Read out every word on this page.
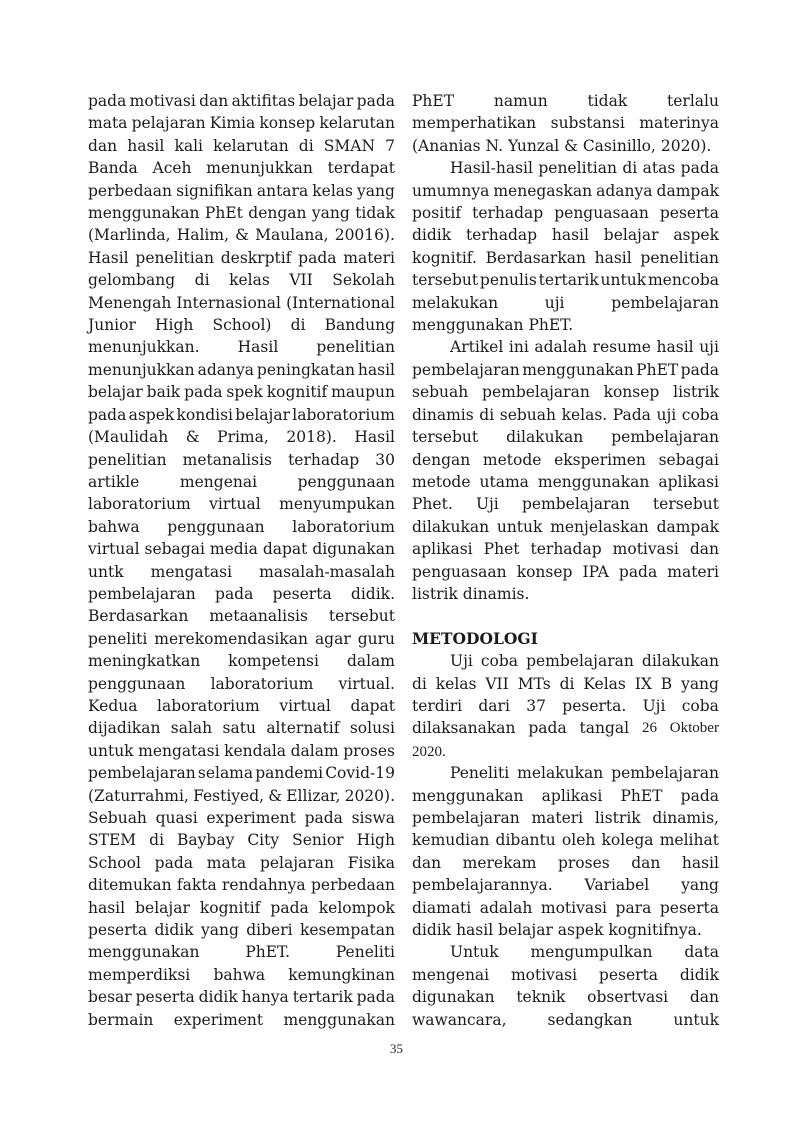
pada motivasi dan aktifitas belajar pada
mata pelajaran Kimia konsep kelarutan
dan hasil kali kelarutan di SMAN 7
Banda Aceh menunjukkan terdapat
perbedaan signifikan antara kelas yang
menggunakan PhEt dengan yang tidak
(Marlinda, Halim, & Maulana, 20016).
Hasil penelitian deskrptif pada materi
gelombang di kelas VII Sekolah
Menengah Internasional (International
Junior High School) di Bandung
menunjukkan. Hasil penelitian
menunjukkan adanya peningkatan hasil
belajar baik pada spek kognitif maupun
pada aspek kondisi belajar laboratorium
(Maulidah & Prima, 2018). Hasil
penelitian metanalisis terhadap 30
artikle	mengenai	penggunaan
laboratorium virtual menyumpukan
bahwa penggunaan laboratorium
virtual sebagai media dapat digunakan
untk mengatasi masalah-masalah
pembelajaran pada peserta didik.
Berdasarkan metaanalisis tersebut
peneliti merekomendasikan agar guru
meningkatkan kompetensi dalam
penggunaan laboratorium virtual.
Kedua laboratorium virtual dapat
dijadikan salah satu alternatif solusi
untuk mengatasi kendala dalam proses
pembelajaran selama pandemi Covid-19
(Zaturrahmi, Festiyed, & Ellizar, 2020).
Sebuah quasi experiment pada siswa
STEM di Baybay City Senior High
School pada mata pelajaran Fisika
ditemukan fakta rendahnya perbedaan
hasil belajar kognitif pada kelompok
peserta didik yang diberi kesempatan
menggunakan	PhET.	Peneliti
memperdiksi bahwa kemungkinan
besar peserta didik hanya tertarik pada
bermain experiment menggunakan
PhET	namun	tidak	terlalu
memperhatikan substansi materinya
(Ananias N. Yunzal & Casinillo, 2020).
Hasil-hasil penelitian di atas pada
umumnya menegaskan adanya dampak
positif terhadap penguasaan peserta
didik terhadap hasil belajar aspek
kognitif. Berdasarkan hasil penelitian
tersebut penulis tertarik untuk mencoba
melakukan	uji	pembelajaran
menggunakan PhET.
Artikel ini adalah resume hasil uji
pembelajaran menggunakan PhET pada
sebuah pembelajaran konsep listrik
dinamis di sebuah kelas. Pada uji coba
tersebut dilakukan pembelajaran
dengan metode eksperimen sebagai
metode utama menggunakan aplikasi
Phet. Uji pembelajaran tersebut
dilakukan untuk menjelaskan dampak
aplikasi Phet terhadap motivasi dan
penguasaan konsep IPA pada materi
listrik dinamis.
METODOLOGI
Uji coba pembelajaran dilakukan
di kelas VII MTs di Kelas IX B yang
terdiri dari 37 peserta. Uji coba
dilaksanakan pada tangal 26 Oktober
2020.
Peneliti melakukan pembelajaran
menggunakan aplikasi PhET pada
pembelajaran materi listrik dinamis,
kemudian dibantu oleh kolega melihat
dan merekam proses dan hasil
pembelajarannya. Variabel yang
diamati adalah motivasi para peserta
didik hasil belajar aspek kognitifnya.
Untuk mengumpulkan data
mengenai motivasi peserta didik
digunakan teknik obsertvasi dan
wawancara,	sedangkan	untuk
35
